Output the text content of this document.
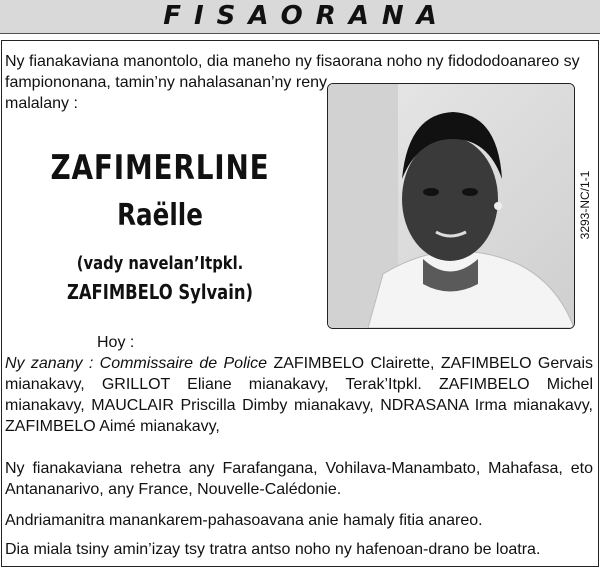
FISAORANA

Ny fianakaviana manontolo, dia maneho ny fisaorana noho ny fidododoanareo sy
fampiononana, tamin’ny nahalasanan’ny reny
malalany :

3293-NC/1-1
ZAFIMERLINE
Raëlle
(vady navelan’Itpkl.
ZAFIMBELO Sylvain)

Hoy :

Ny zanany : Commissaire de Police ZAFIMBELO Clairette, ZAFIMBELO Gervais mianakavy, GRILLOT Eliane mianakavy, Terak’Itpkl. ZAFIMBELO Michel mianakavy, MAUCLAIR Priscilla Dimby mianakavy, NDRASANA Irma mianakavy, ZAFIMBELO Aimé mianakavy,

Ny fianakaviana rehetra any Farafangana, Vohilava-Manambato, Mahafasa, eto Antananarivo, any France, Nouvelle-Calédonie.

Andriamanitra manankarem-pahasoavana anie hamaly fitia anareo.

Dia miala tsiny amin’izay tsy tratra antso noho ny hafenoan-drano be loatra.
